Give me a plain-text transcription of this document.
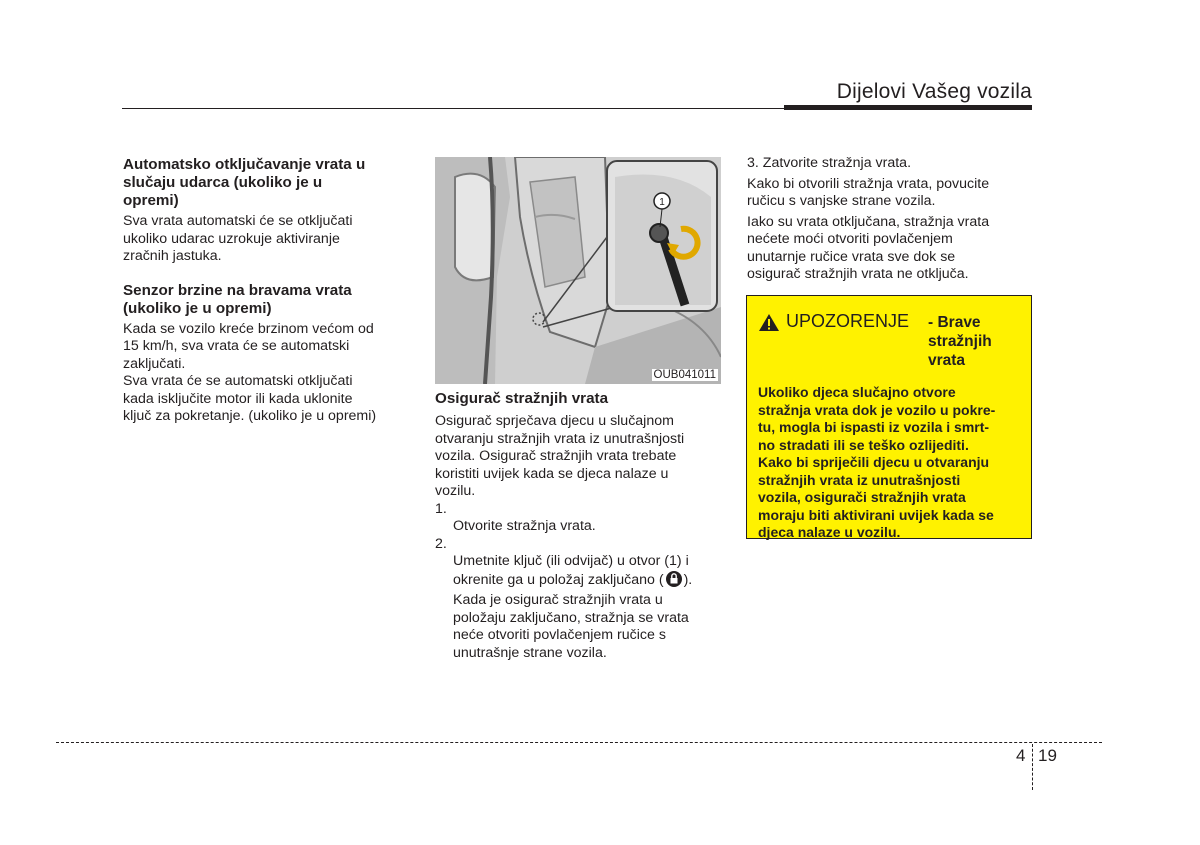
Dijelovi Vašeg vozila

Automatsko otključavanje vrata u
slučaju udarca (ukoliko je u
opremi)

Sva vrata automatski će se otključati
ukoliko udarac uzrokuje aktiviranje
zračnih jastuka.

Senzor brzine na bravama vrata
(ukoliko je u opremi)

Kada se vozilo kreće brzinom većom od
15 km/h, sva vrata će se automatski
zaključati.

Sva vrata će se automatski otključati
kada isključite motor ili kada uklonite
ključ za pokretanje. (ukoliko je u opremi)

1
OUB041011

Osigurač stražnjih vrata

Osigurač sprječava djecu u slučajnom
otvaranju stražnjih vrata iz unutrašnjosti
vozila. Osigurač stražnjih vrata trebate
koristiti uvijek kada se djeca nalaze u
vozilu.

1.
Otvorite stražnja vrata.

2.
Umetnite ključ (ili odvijač) u otvor (1) i
okrenite ga u položaj zaključano ( ).
Kada je osigurač stražnjih vrata u
položaju zaključano, stražnja se vrata
neće otvoriti povlačenjem ručice s
unutrašnje strane vozila.

3. Zatvorite stražnja vrata.

Kako bi otvorili stražnja vrata, povucite
ručicu s vanjske strane vozila.

Iako su vrata otključana, stražnja vrata
nećete moći otvoriti povlačenjem
unutarnje ručice vrata sve dok se
osigurač stražnjih vrata ne otključa.

UPOZORENJE - Brave
stražnjih
vrata

Ukoliko djeca slučajno otvore
stražnja vrata dok je vozilo u pokre-
tu, mogla bi ispasti iz vozila i smrt-
no stradati ili se teško ozlijediti.
Kako bi spriječili djecu u otvaranju
stražnjih vrata iz unutrašnjosti
vozila, osigurači stražnjih vrata
moraju biti aktivirani uvijek kada se
djeca nalaze u vozilu.

4 19
